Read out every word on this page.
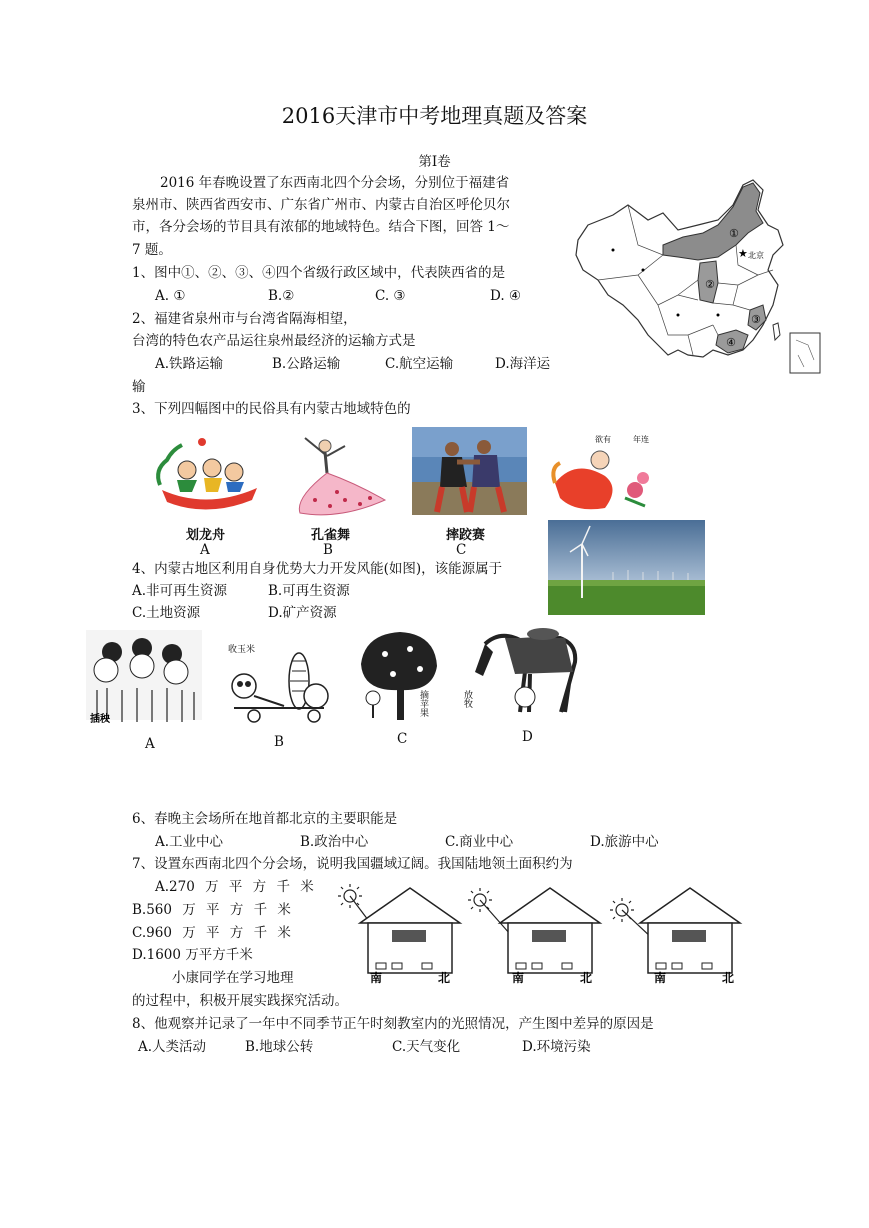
2016天津市中考地理真题及答案
第Ⅰ卷
2016 年春晚设置了东西南北四个分会场，分别位于福建省
泉州市、陕西省西安市、广东省广州市、内蒙古自治区呼伦贝尔
市，各分会场的节目具有浓郁的地域特色。结合下图，回答 1～
7 题。	★ 北京
①
②
③
④
1、图中①、②、③、④四个省级行政区域中，代表陕西省的是
A. ①	B.②	C. ③	D. ④
2、福建省泉州市与台湾省隔海相望，
台湾的特色农产品运往泉州最经济的运输方式是
A.铁路运输	B.公路运输	C.航空运输	D.海洋运
输
3、下列四幅图中的民俗具有内蒙古地域特色的
欲有	年连
划龙舟	孔雀舞	摔跤赛
A	B	C
4、内蒙古地区利用自身优势大力开发风能(如图)，该能源属于
A.非可再生资源	B.可再生资源
C.土地资源	D.矿产资源
插秧
收玉米
摘苹果	放牧
A	B	C	D
6、春晚主会场所在地首都北京的主要职能是
A.工业中心	B.政治中心	C.商业中心	D.旅游中心
7、设置东西南北四个分会场，说明我国疆域辽阔。我国陆地领土面积约为
A.270 万 平 方 千 米
B.560 万 平 方 千 米
C.960 万 平 方 千 米
D.1600 万平方千米
小康同学在学习地理
的过程中，积极开展实践探究活动。
南	北	南	北	南	北
8、他观察并记录了一年中不同季节正午时刻教室内的光照情况，产生图中差异的原因是
A.人类活动	B.地球公转	C.天气变化	D.环境污染
